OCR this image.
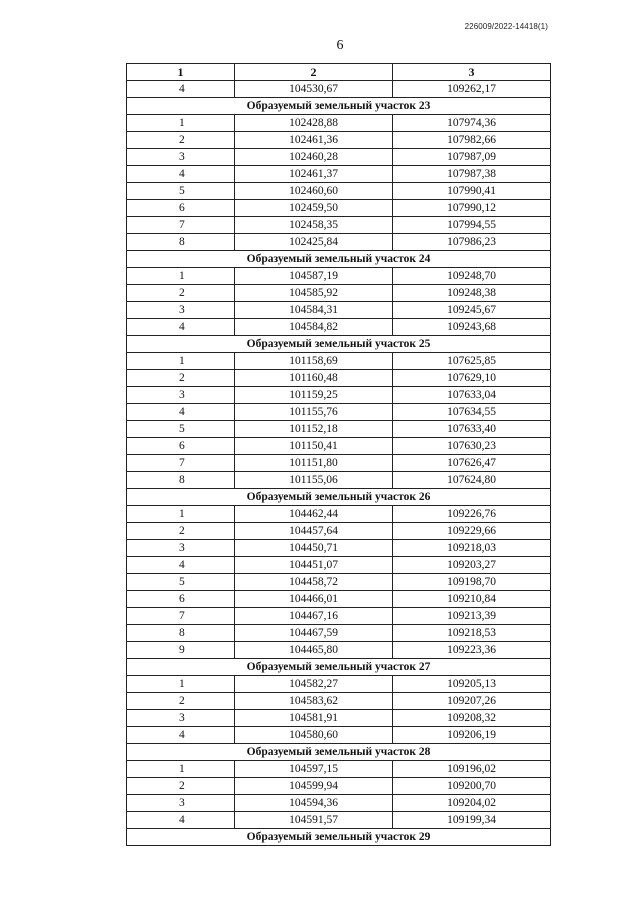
226009/2022-14418(1)
6
1	2	3
4	104530,67	109262,17
Образуемый земельный участок 23		
1	102428,88	107974,36
2	102461,36	107982,66
3	102460,28	107987,09
4	102461,37	107987,38
5	102460,60	107990,41
6	102459,50	107990,12
7	102458,35	107994,55
8	102425,84	107986,23
Образуемый земельный участок 24		
1	104587,19	109248,70
2	104585,92	109248,38
3	104584,31	109245,67
4	104584,82	109243,68
Образуемый земельный участок 25		
1	101158,69	107625,85
2	101160,48	107629,10
3	101159,25	107633,04
4	101155,76	107634,55
5	101152,18	107633,40
6	101150,41	107630,23
7	101151,80	107626,47
8	101155,06	107624,80
Образуемый земельный участок 26		
1	104462,44	109226,76
2	104457,64	109229,66
3	104450,71	109218,03
4	104451,07	109203,27
5	104458,72	109198,70
6	104466,01	109210,84
7	104467,16	109213,39
8	104467,59	109218,53
9	104465,80	109223,36
Образуемый земельный участок 27		
1	104582,27	109205,13
2	104583,62	109207,26
3	104581,91	109208,32
4	104580,60	109206,19
Образуемый земельный участок 28		
1	104597,15	109196,02
2	104599,94	109200,70
3	104594,36	109204,02
4	104591,57	109199,34
Образуемый земельный участок 29		
